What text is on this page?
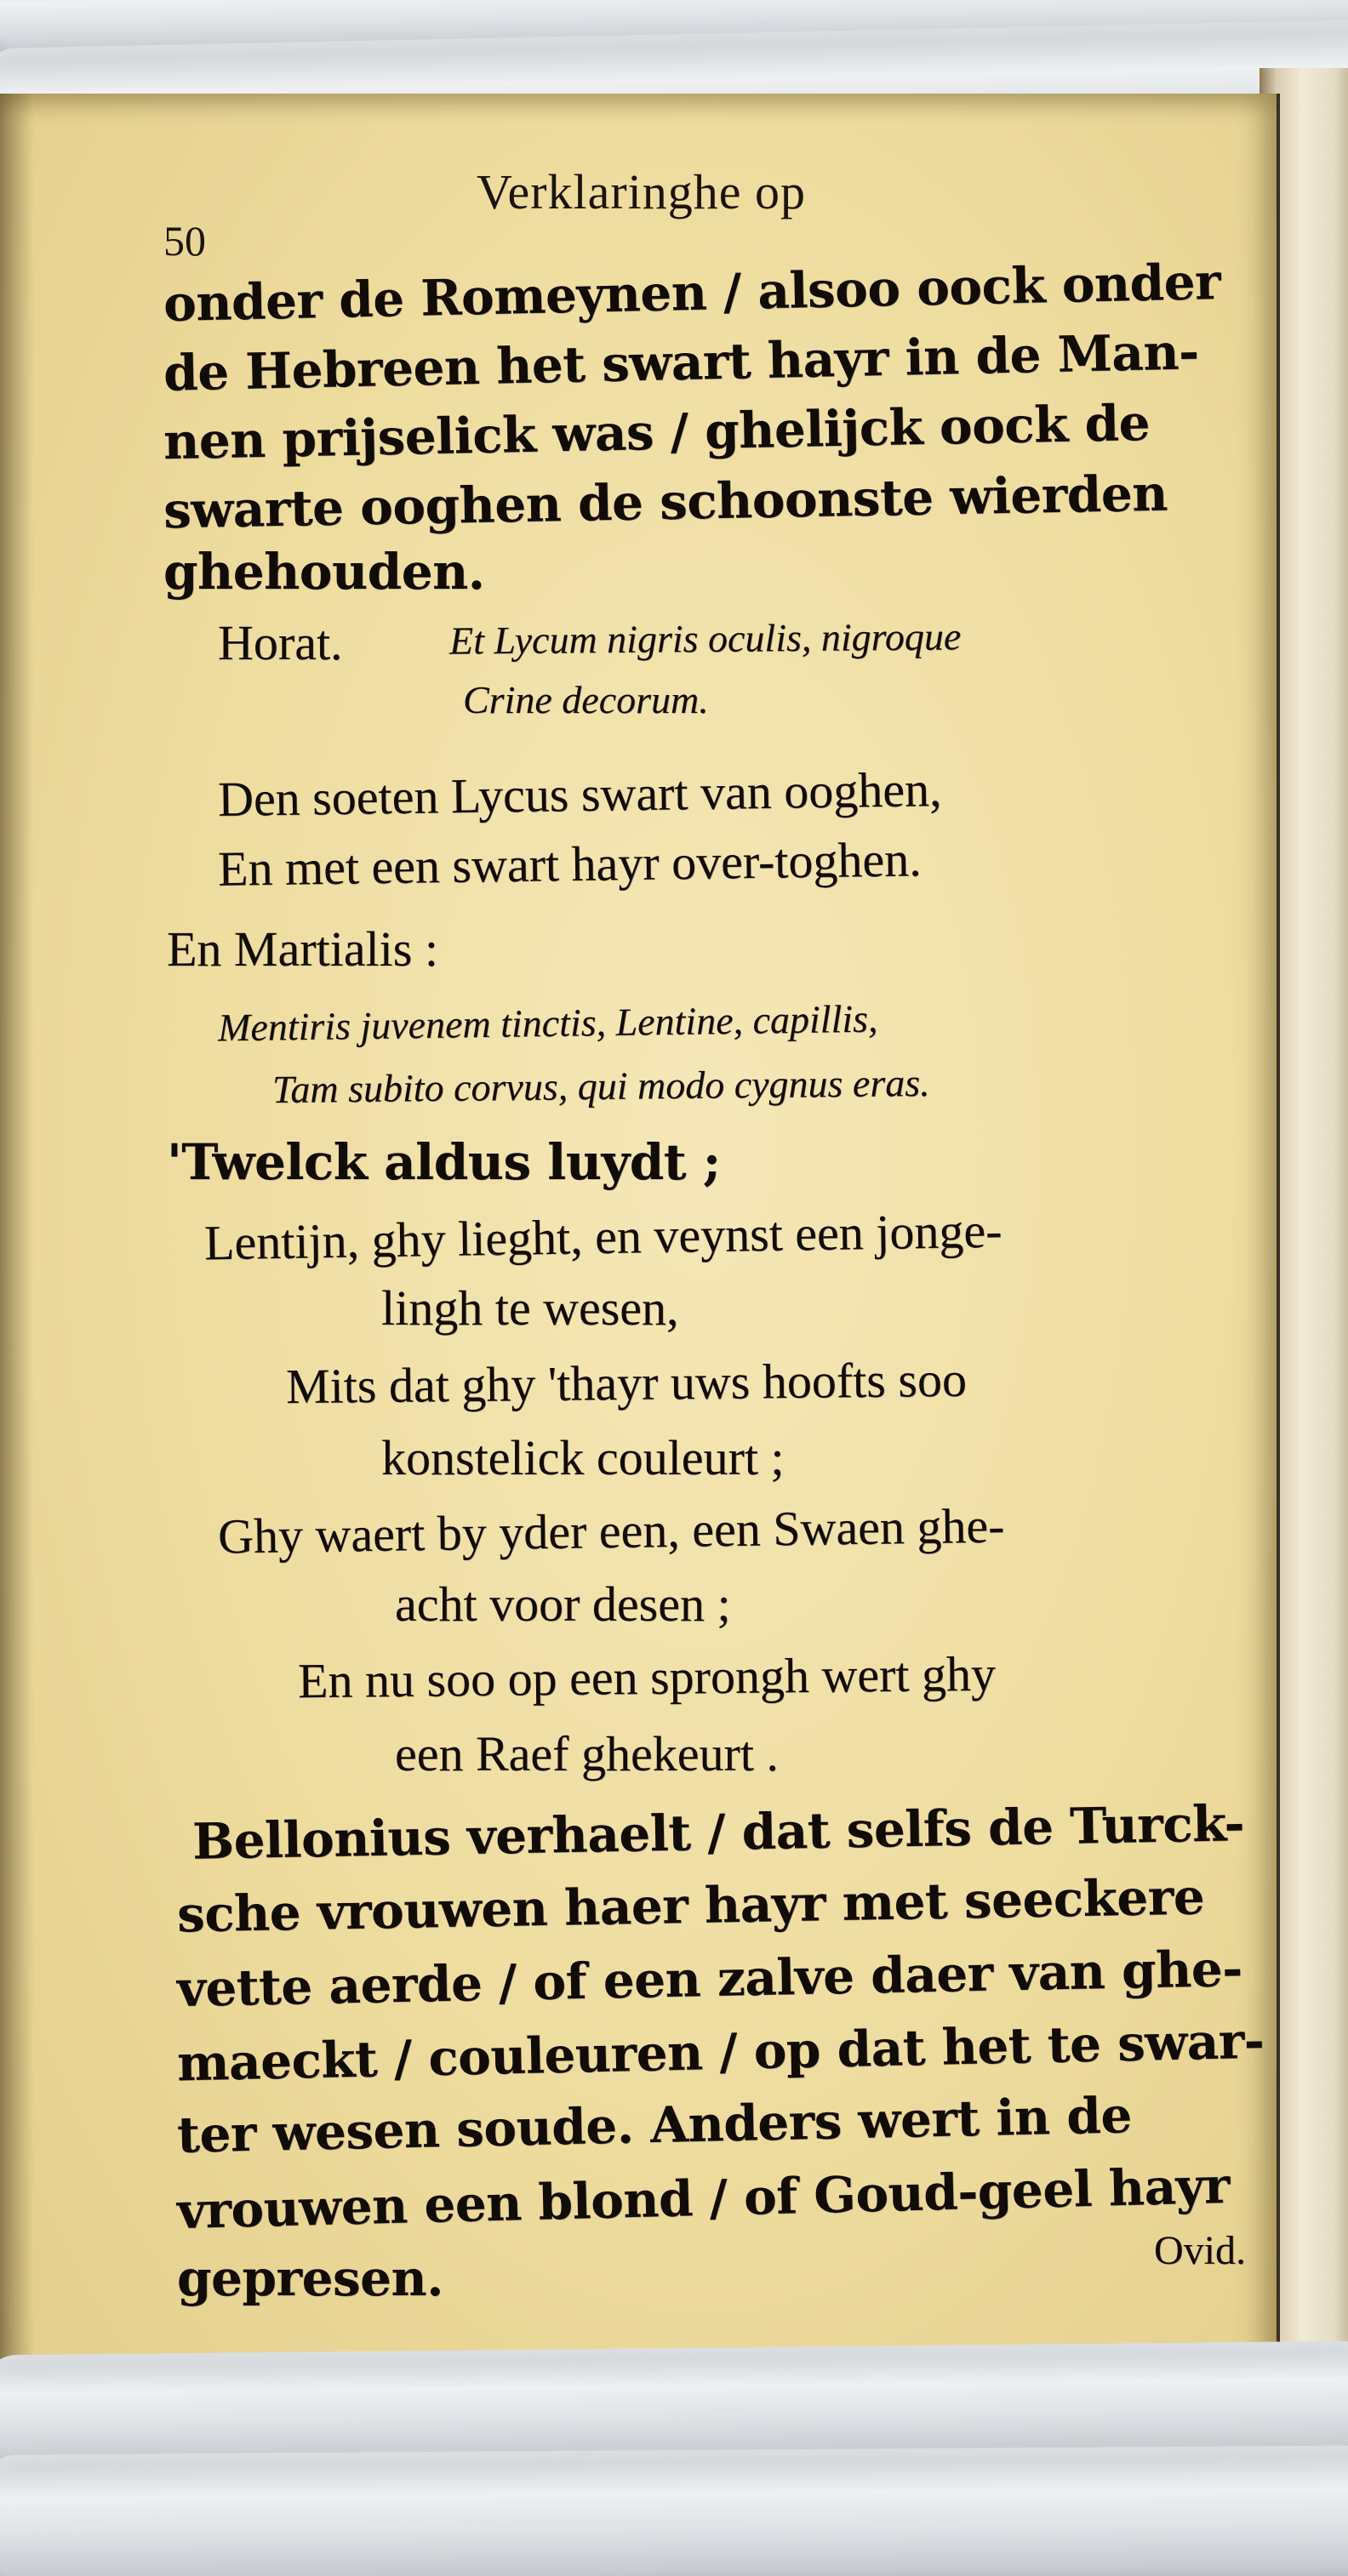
Verklaringhe op
50
onder de Romeynen / alsoo oock onder
de Hebreen het swart hayr in de Man-
nen prijselick was / ghelijck oock de
swarte ooghen de schoonste wierden
ghehouden.
Horat.	Et Lycum nigris oculis, nigroque
Crine decorum.
Den soeten Lycus swart van ooghen,
En met een swart hayr over-toghen.
En Martialis :
Mentiris juvenem tinctis, Lentine, capillis,
Tam subito corvus, qui modo cygnus eras.
'Twelck aldus luydt ;
Lentijn, ghy lieght, en veynst een jonge-
lingh te wesen,
Mits dat ghy 'thayr uws hoofts soo
konstelick couleurt ;
Ghy waert by yder een, een Swaen ghe-
acht voor desen ;
En nu soo op een sprongh wert ghy
een Raef ghekeurt .
Bellonius verhaelt / dat selfs de Turck-
sche vrouwen haer hayr met seeckere
vette aerde / of een zalve daer van ghe-
maeckt / couleuren / op dat het te swar-
ter wesen soude. Anders wert in de
vrouwen een blond / of Goud-geel hayr
Ovid.
gepresen.
